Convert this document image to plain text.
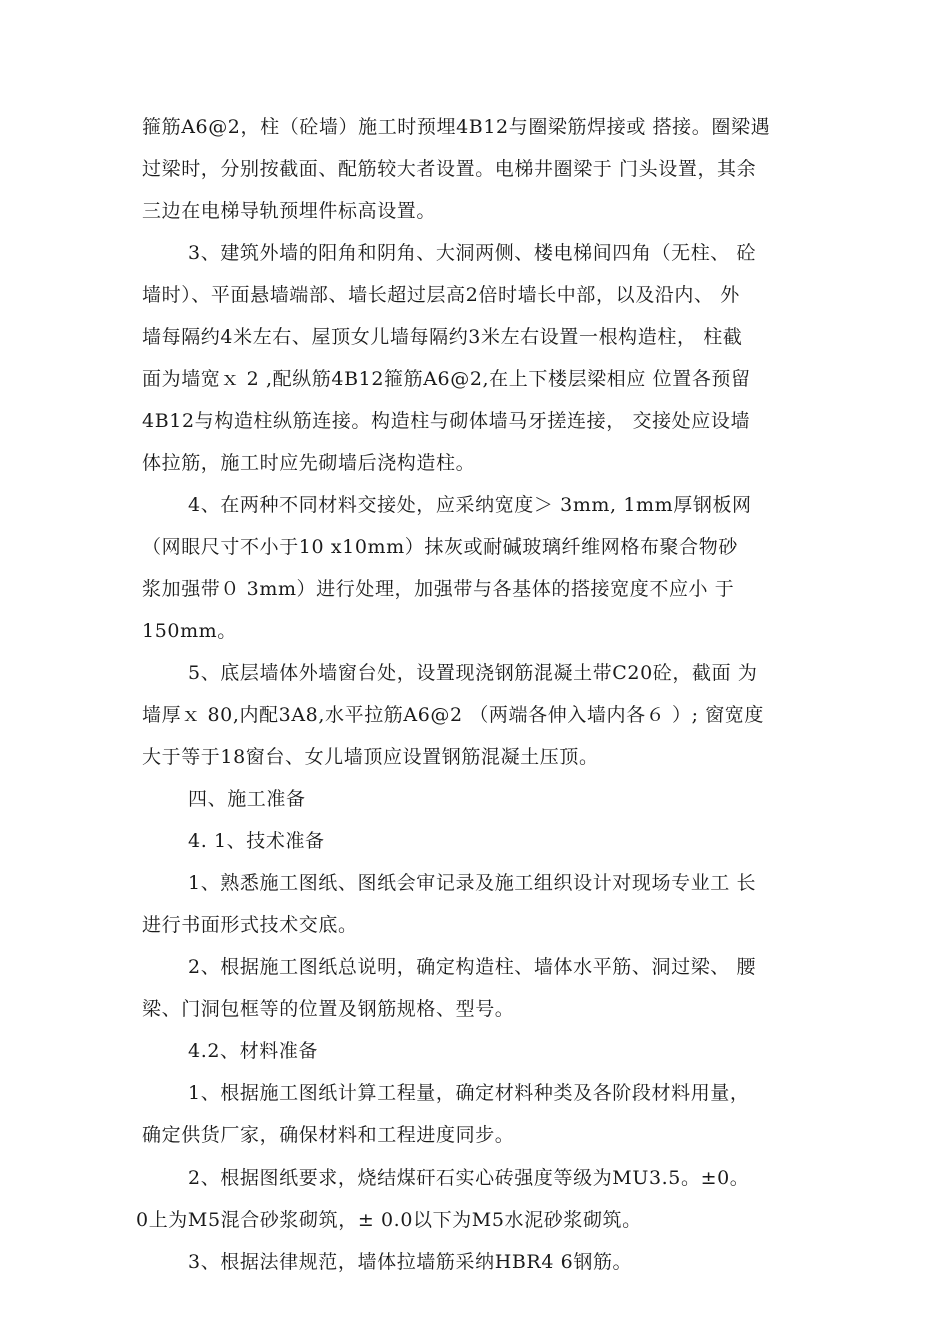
箍筋A6@2，柱（砼墙）施工时预埋4B12与圈梁筋焊接或 搭接。圈梁遇
过梁时，分别按截面、配筋较大者设置。电梯井圈梁于 门头设置，其余
三边在电梯导轨预埋件标高设置。
3、建筑外墙的阳角和阴角、大洞两侧、楼电梯间四角（无柱、 砼
墙时）、平面悬墙端部、墙长超过层高2倍时墙长中部，以及沿内、 外
墙每隔约4米左右、屋顶女儿墙每隔约3米左右设置一根构造柱， 柱截
面为墙宽ｘ 2 ,配纵筋4B12箍筋A6@2,在上下楼层梁相应 位置各预留
4B12与构造柱纵筋连接。构造柱与砌体墙马牙搓连接， 交接处应设墙
体拉筋，施工时应先砌墙后浇构造柱。
4、在两种不同材料交接处，应采纳宽度＞ 3mm, 1mm厚钢板网
（网眼尺寸不小于10 x10mm）抹灰或耐碱玻璃纤维网格布聚合物砂
浆加强带０ 3mm）进行处理，加强带与各基体的搭接宽度不应小 于
150mm。
5、底层墙体外墙窗台处，设置现浇钢筋混凝土带C20砼，截面 为
墙厚ｘ 80,内配3A8,水平拉筋A6@2 （两端各伸入墙内各６ ）; 窗宽度
大于等于18窗台、女儿墙顶应设置钢筋混凝土压顶。
四、施工准备
4. 1、技术准备
1、熟悉施工图纸、图纸会审记录及施工组织设计对现场专业工 长
进行书面形式技术交底。
2、根据施工图纸总说明，确定构造柱、墙体水平筋、洞过梁、 腰
梁、门洞包框等的位置及钢筋规格、型号。
4.2、材料准备
1、根据施工图纸计算工程量，确定材料种类及各阶段材料用量，
确定供货厂家，确保材料和工程进度同步。
2、根据图纸要求，烧结煤矸石实心砖强度等级为MU3.5。±0。
0上为M5混合砂浆砌筑，± 0.0以下为M5水泥砂浆砌筑。
3、根据法律规范，墙体拉墙筋采纳HBR4 6钢筋。
